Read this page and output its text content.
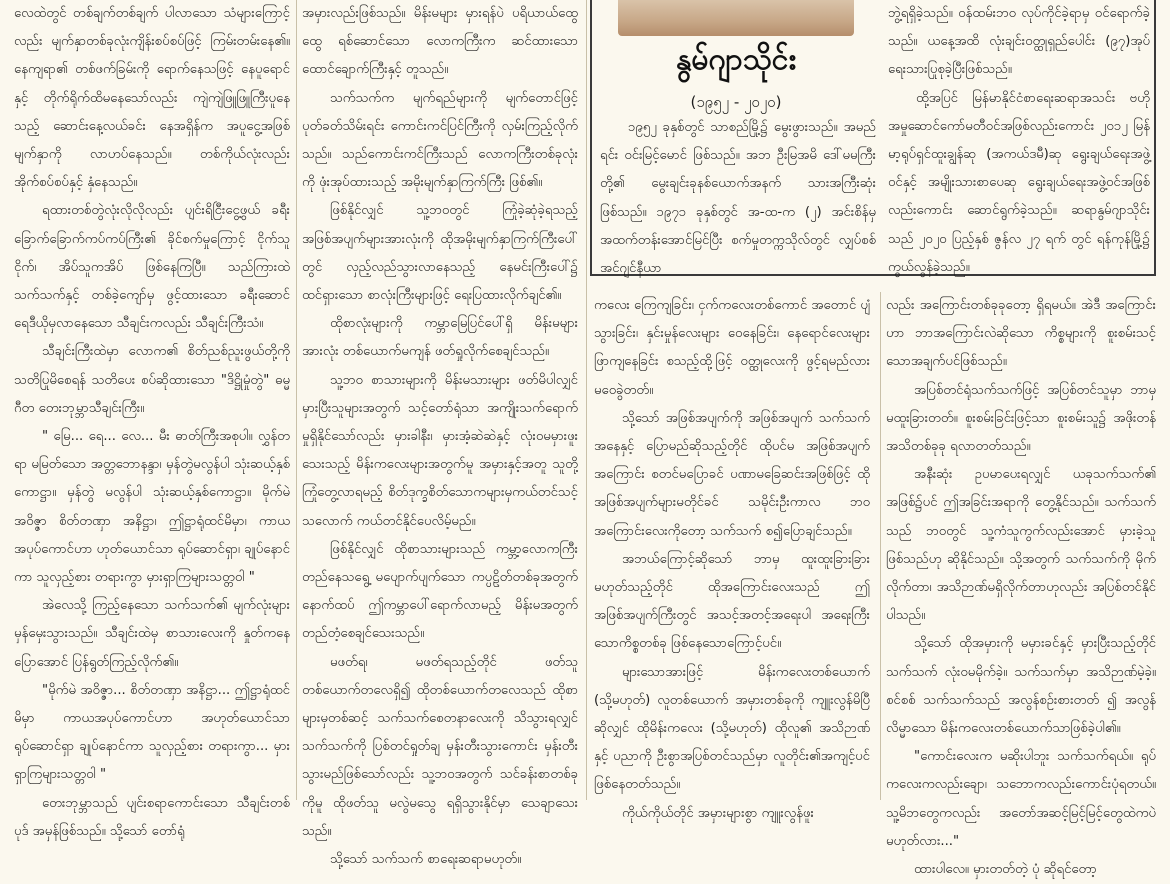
လေထဲတွင် တစ်ချက်တစ်ချက် ပါလာသော သံများကြောင့်လည်း မျက်နှာတစ်ခုလုံးကျိန်းစပ်စပ်ဖြင့် ကြမ်းတမ်းနေ၏။ နေကျရာ၏ တစ်ဖက်ခြမ်းကို ရောက်နေသဖြင့် နေပူရောင်နှင့် တိုက်ရိုက်ထိမနေသော်လည်း ကျဲကျဲဖြူဖြူကြီးပူနေသည့် ဆောင်းနေ့လယ်ခင်း နေအရှိန်က အပူငွေ့အဖြစ် မျက်နှာကို လာဟပ်နေသည်။ တစ်ကိုယ်လုံးလည်း အိုက်စပ်စပ်နှင့် နှံနေသည်။

ရထားတစ်တွဲလုံးလိုလိုလည်း ပျင်းရိငြီးငွေ့ဖွယ် ခရီးခြောက်ခြောက်ကပ်ကပ်ကြီး၏ ခိုင်စက်မှုကြောင့် ငိုက်သူငိုက်၊ အိပ်သူကအိပ် ဖြစ်နေကြပြီ။ သည်ကြားထဲ သက်သက်နှင့် တစ်ခဲ့ကျော်မှ ဖွင့်ထားသော ခရီးဆောင်ရေဒီယိုမှလာနေသော သီချင်းကလည်း သီချင်းကြီးသံ။

သီချင်းကြီးထဲမှာ လောက၏ စိတ်ညစ်ညူးဖွယ်တို့ကို သတိပြုမိစေရန် သတိပေး စပ်ဆိုထားသော "ဒိဋ္ဌိုမှုံတွဲ" ဓမ္မဂီတ တေးဘုမ္ဘာသီချင်းကြီး။

" မြေ... ရေ... လေ... မီး ဓာတ်ကြီးအစုပါ။ လွှန်တရာ မမြတ်သော အတ္တဘောနန္ဒာ၊ မှန်တွဲမလွန်ပါ သုံးဆယ့်နှစ်ကောဋ္ဌာ။ မှန်တွဲ မလွန်ပါ သုံးဆယ့်နှစ်ကောဋ္ဌာ။ မိုက်မဲ အဝိဇ္ဇာ စိတ်တဏှာ အနိဋ္ဌာ၊ ဤဋ္ဌာရုံထင်မိမှာ၊ ကာယအပုပ်ကောင်ဟာ ဟုတ်ယောင်သာ ရုပ်ဆောင်ရှာ၊ ချုပ်နောင်ကာ သူလှည့်စား တရားကွာ မှားရှာကြများသတ္တဝါ "

အဲလေသို့ ကြည့်နေသော သက်သက်၏ မျက်လုံးများ မှန်မှေးသွားသည်။ သီချင်းထဲမှ စာသားလေးကို နှုတ်ကနေ ပြောအောင် ပြန်ရွတ်ကြည့်လိုက်၏။

"မိုက်မဲ အဝိဇ္ဇာ... စိတ်တဏှာ အနိဋ္ဌာ... ဤဋ္ဌာရုံထင်မိမှာ ကာယအပုပ်ကောင်ဟာ အဟုတ်ယောင်သာ ရုပ်ဆောင်ရှာ ချုပ်နောင်ကာ သူလှည့်စား တရားကွာ... မှားရှာကြများသတ္တဝါ "

တေးဘုမ္ဘာသည် ပျင်းစရာကောင်းသော သီချင်းတစ်ပုဒ် အမှန်ဖြစ်သည်။ သို့သော် တော်ရုံ

အမှားလည်းဖြစ်သည်။ မိန်းမများ မှားရန်ပဲ ပရိယာယ်ထွေထွေ ရစ်ဆောင်သော လောကကြီးက ဆင်ထားသော ထောင်ချောက်ကြီးနှင့် တူသည်။

သက်သက်က မျက်ရည်များကို မျက်တောင်ဖြင့် ပုတ်ခတ်သိမ်းရင်း ကောင်းကင်ပြင်ကြီးကို လှမ်းကြည့်လိုက်သည်။ သည်ကောင်းကင်ကြီးသည် လောကကြီးတစ်ခုလုံးကို ဖုံးအုပ်ထားသည့် အမိုးမျက်နှာကြက်ကြီး ဖြစ်၏။

ဖြစ်နိုင်လျှင် သူ့ဘဝတွင် ကြုံခဲ့ဆုံခဲ့ရသည့် အဖြစ်အပျက်များအားလုံးကို ထိုအမိုးမျက်နှာကြက်ကြီးပေါ်တွင် လှည့်လည်သွားလာနေသည့် နေမင်းကြီးပေါ်၌ ထင်ရှားသော စာလုံးကြီးများဖြင့် ရေးပြထားလိုက်ချင်၏။

ထိုစာလုံးများကို ကမ္ဘာမြေပြင်ပေါ်ရှိ မိန်းမများ အားလုံး တစ်ယောက်မကျန် ဖတ်ရှုလိုက်စေချင်သည်။

သူ့ဘဝ စာသားများကို မိန်းမသားများ ဖတ်မိပါလျှင် မှားပြီးသူများအတွက် သင့်တော်ရုံသာ အကျိုးသက်ရောက်မှုရှိနိုင်သော်လည်း မှားခါနီး၊ မှားအံ့ဆဲဆဲနှင့် လုံးဝမမှားဖူးသေးသည့် မိန်းကလေးများအတွက်မူ အမှားနှင့်အတူ သူတို့ ကြုံတွေ့လာရမည့် စိတ်ဒုက္ခစိတ်သောကများမှကယ်တင်သင့်သလောက် ကယ်တင်နိုင်ပေလိမ့်မည်။

ဖြစ်နိုင်လျှင် ထိုစာသားများသည် ကမ္ဘာ့လောကကြီး တည်နေသရွေ့ မပျောက်ပျက်သော ကပ္ပဠိတ်တစ်ခုအတွက် နောက်ထပ် ဤကမ္ဘာပေါ်ရောက်လာမည့် မိန်းမအတွက် တည်တံ့စေချင်သေးသည်။

မဖတ်ရ၊ မဖတ်ရသည့်တိုင် ဖတ်သူတစ်ယောက်တလေရှိ၍ ထိုတစ်ယောက်တလေသည် ထိုစာများမှတစ်ဆင့် သက်သက်စေတနာလေးကို သိသွားရလျှင် သက်သက်ကို ပြစ်တင်ရှုတ်ချ မှန်းတီးသွားကောင်း မှန်းတီးသွားမည်ဖြစ်သော်လည်း သူ့ဘဝအတွက် သင်ခန်းစာတစ်ခုကိုမူ ထိုဖတ်သူ မလွဲမသွေ ရရှိသွားနိုင်မှာ သေချာသေးသည်။

သို့သော် သက်သက် စာရေးဆရာမဟုတ်။

နွမ်ဂျာသိုင်း
(၁၉၅၂ - ၂၀၂၀)

၁၉၅၂ ခုနှစ်တွင် သာစည်မြို့၌ မွေးဖွားသည်။ အမည်ရင်း ဝင်းမြင့်မောင် ဖြစ်သည်။ အဘ ဦးမြအမိ ဒေါ်မမကြီးတို့၏ မွေးချင်းခုနစ်ယောက်အနက် သားအကြီးဆုံးဖြစ်သည်။ ၁၉၇၁ ခုနှစ်တွင် အ-ထ-က (၂) အင်းစိန်မှ အထက်တန်းအောင်မြင်ပြီး စက်မှုတက္ကသိုလ်တွင် လျှပ်စစ်အင်ဂျင်နီယာ

ဘွဲ့ရရှိခဲ့သည်။ ဝန်ထမ်းဘဝ လုပ်ကိုင်ခဲ့ရာမှ ဝင်ရောက်ခဲ့သည်။ ယနေ့အထိ လုံးချင်းဝတ္ထုရှည်ပေါင်း (၉၇)အုပ် ရေးသားပြုစုခဲ့ပြီးဖြစ်သည်။

ထို့အပြင် မြန်မာနိုင်ငံစာရေးဆရာအသင်း ဗဟိုအမှုဆောင်ကော်မတီဝင်အဖြစ်လည်းကောင်း ၂၀၁၂ မြန်မာ့ရုပ်ရှင်ထူးချွန်ဆု (အကယ်ဒမီ)ဆု ရွေးချယ်ရေးအဖွဲ့ဝင်နှင့် အမျိုးသားစာပေဆု ရွေးချယ်ရေးအဖွဲ့ဝင်အဖြစ် လည်းကောင်း ဆောင်ရွက်ခဲ့သည်။ ဆရာနွမ်ဂျာသိုင်းသည် ၂၀၂၀ ပြည့်နှစ် ဇွန်လ ၂၇ ရက် တွင် ရန်ကုန်မြို့၌ ကွယ်လွန်ခဲ့သည်။

ကလေး ကြေကျခြင်း၊ ငှက်ကလေးတစ်ကောင် အတောင် ပျံသွားခြင်း၊ နှင်းမှုန်လေးများ ဝေနေခြင်း၊ နေရောင်လေးများ ဖြာကျနေခြင်း စသည့်ထို့ဖြင့် ဝတ္ထုလေးကို ဖွင့်ရမည်လား မဝေခွဲတတ်။

သို့သော် အဖြစ်အပျက်ကို အဖြစ်အပျက် သက်သက်အနေနှင့် ပြောမည်ဆိုသည့်တိုင် ထိုပင်မ အဖြစ်အပျက်အကြောင်း စတင်မပြောခင် ပဏာမခြေဆင်းအဖြစ်ဖြင့် ထိုအဖြစ်အပျက်များမတိုင်ခင် သမိုင်းဦးကာလ ဘဝအကြောင်းလေးကိုတော့ သက်သက် စ၍ပြောချင်သည်။

အဘယ်ကြောင့်ဆိုသော် ဘာမှ ထူးထူးခြားခြား မဟုတ်သည့်တိုင် ထိုအကြောင်းလေးသည် ဤအဖြစ်အပျက်ကြီးတွင် အသင့်အတင့်အရေးပါ အရေးကြီးသောကိစ္စတစ်ခု ဖြစ်နေသောကြောင့်ပင်။

များသောအားဖြင့် မိန်းကလေးတစ်ယောက် (သို့မဟုတ်) လူတစ်ယောက် အမှားတစ်ခုကို ကျူးလွန်မိပြီဆိုလျှင် ထိုမိန်းကလေး (သို့မဟုတ်) ထိုလူ၏ အသိဉာဏ်နှင့် ပညာကို ဦးစွာအပြစ်တင်သည်မှာ လူတိုင်း၏အကျင့်ပင် ဖြစ်နေတတ်သည်။

ကိုယ်ကိုယ်တိုင် အမှားများစွာ ကျူးလွန်ဖူး

လည်း အကြောင်းတစ်ခုခုတော့ ရှိရမယ်။ အဲဒီ အကြောင်းဟာ ဘာအကြောင်းလဲဆိုသော ကိစ္စများကို စူးစမ်းသင့်သောအချက်ပင်ဖြစ်သည်။

အပြစ်တင်ရုံသက်သက်ဖြင့် အပြစ်တင်သူမှာ ဘာမှမထူးခြားတတ်။ စူးစမ်းခြင်းဖြင့်သာ စူးစမ်းသူ၌ အဖိုးတန် အသိတစ်ခုခု ရလာတတ်သည်။

အနီးဆုံး ဥပမာပေးရလျှင် ယခုသက်သက်၏ အဖြစ်၌ပင် ဤအခြင်းအရာကို တွေ့နိုင်သည်။ သက်သက်သည် ဘဝတွင် သူ့ကံသူကွက်လည်းအောင် မှားခဲ့သူဖြစ်သည်ဟု ဆိုနိုင်သည်။ သို့အတွက် သက်သက်ကို မိုက်လိုက်တာ၊ အသိဉာဏ်မရှိလိုက်တာဟုလည်း အပြစ်တင်နိုင်ပါသည်။

သို့သော် ထိုအမှားကို မမှားခင်နှင့် မှားပြီးသည့်တိုင် သက်သက် လုံးဝမမိုက်ခဲ့။ သက်သက်မှာ အသိဉာဏ်မဲ့ခဲ့။ စင်စစ် သက်သက်သည် အလွန်စဉ်းစားတတ် ၍ အလွန်လိမ္မာသော မိန်းကလေးတစ်ယောက်သာဖြစ်ခဲ့ပါ၏။

"ကောင်းလေးက မဆိုးပါဘူး သက်သက်ရယ်။ ရုပ်ကလေးကလည်းချော၊ သဘောကလည်းကောင်းပုံရတယ်။ သူ့မိဘတွေကလည်း အတော်အဆင့်မြင့်မြင့်တွေထဲကပဲ မဟုတ်လား..."

ထားပါလေ။ မှားတတ်တဲ့ ပုံ ဆိုရင်တော့
